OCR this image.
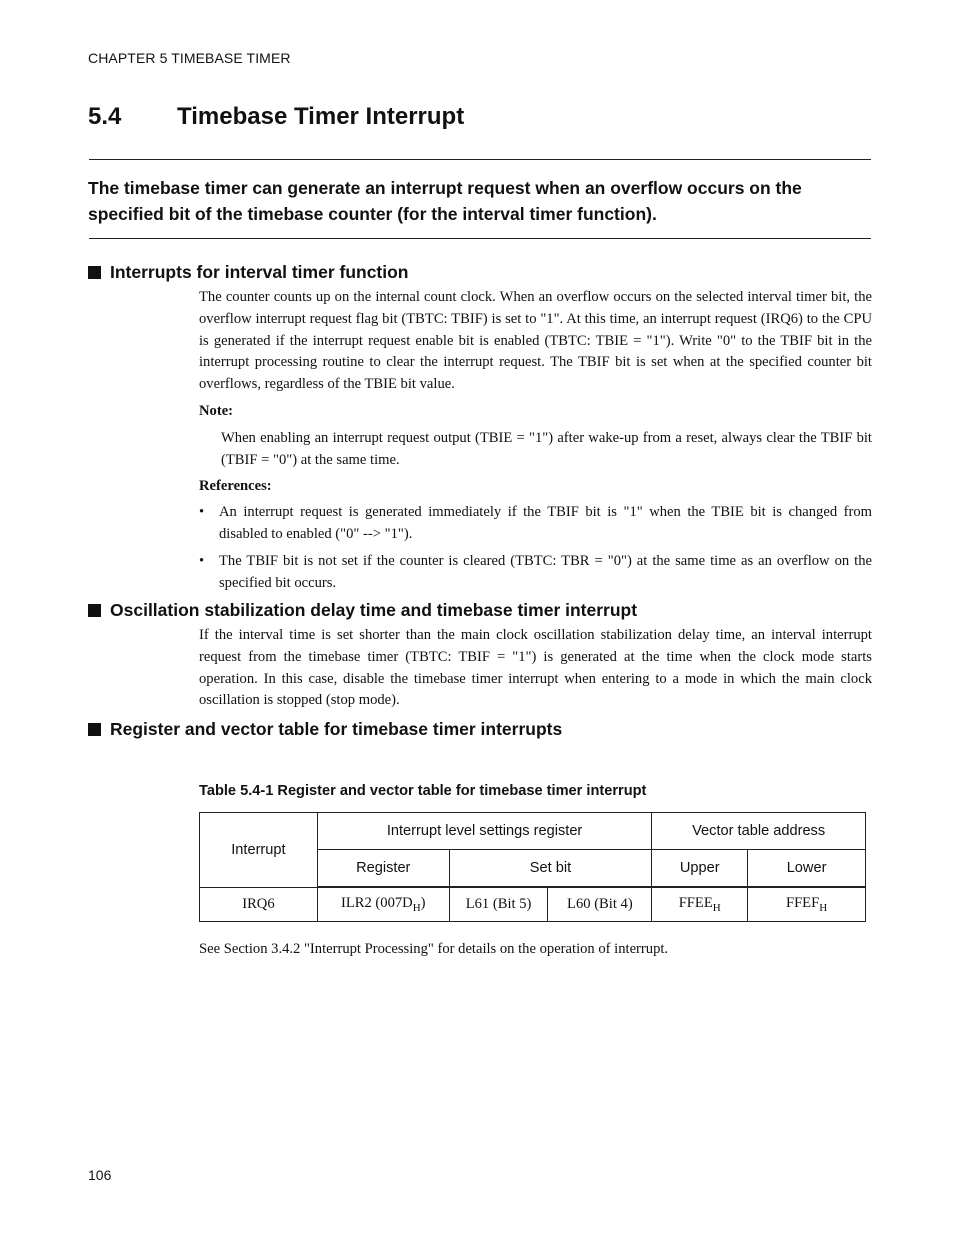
CHAPTER 5 TIMEBASE TIMER
5.4 Timebase Timer Interrupt
The timebase timer can generate an interrupt request when an overflow occurs on the specified bit of the timebase counter (for the interval timer function).
Interrupts for interval timer function
The counter counts up on the internal count clock. When an overflow occurs on the selected interval timer bit, the overflow interrupt request flag bit (TBTC: TBIF) is set to "1". At this time, an interrupt request (IRQ6) to the CPU is generated if the interrupt request enable bit is enabled (TBTC: TBIE = "1"). Write "0" to the TBIF bit in the interrupt processing routine to clear the interrupt request. The TBIF bit is set when at the specified counter bit overflows, regardless of the TBIE bit value.
Note:
When enabling an interrupt request output (TBIE = "1") after wake-up from a reset, always clear the TBIF bit (TBIF = "0") at the same time.
References:
• An interrupt request is generated immediately if the TBIF bit is "1" when the TBIE bit is changed from disabled to enabled ("0" --> "1").
• The TBIF bit is not set if the counter is cleared (TBTC: TBR = "0") at the same time as an overflow on the specified bit occurs.
Oscillation stabilization delay time and timebase timer interrupt
If the interval time is set shorter than the main clock oscillation stabilization delay time, an interval interrupt request from the timebase timer (TBTC: TBIF = "1") is generated at the time when the clock mode starts operation. In this case, disable the timebase timer interrupt when entering to a mode in which the main clock oscillation is stopped (stop mode).
Register and vector table for timebase timer interrupts
Table 5.4-1 Register and vector table for timebase timer interrupt
Interrupt	Interrupt level settings register			Vector table address	
	Register	Set bit		Upper	Lower
IRQ6	ILR2 $(007D_H)$	L61 (Bit 5)	L60 (Bit 4)	$FFEE_H$	$FFEF_H$
See Section 3.4.2 "Interrupt Processing" for details on the operation of interrupt.
106
